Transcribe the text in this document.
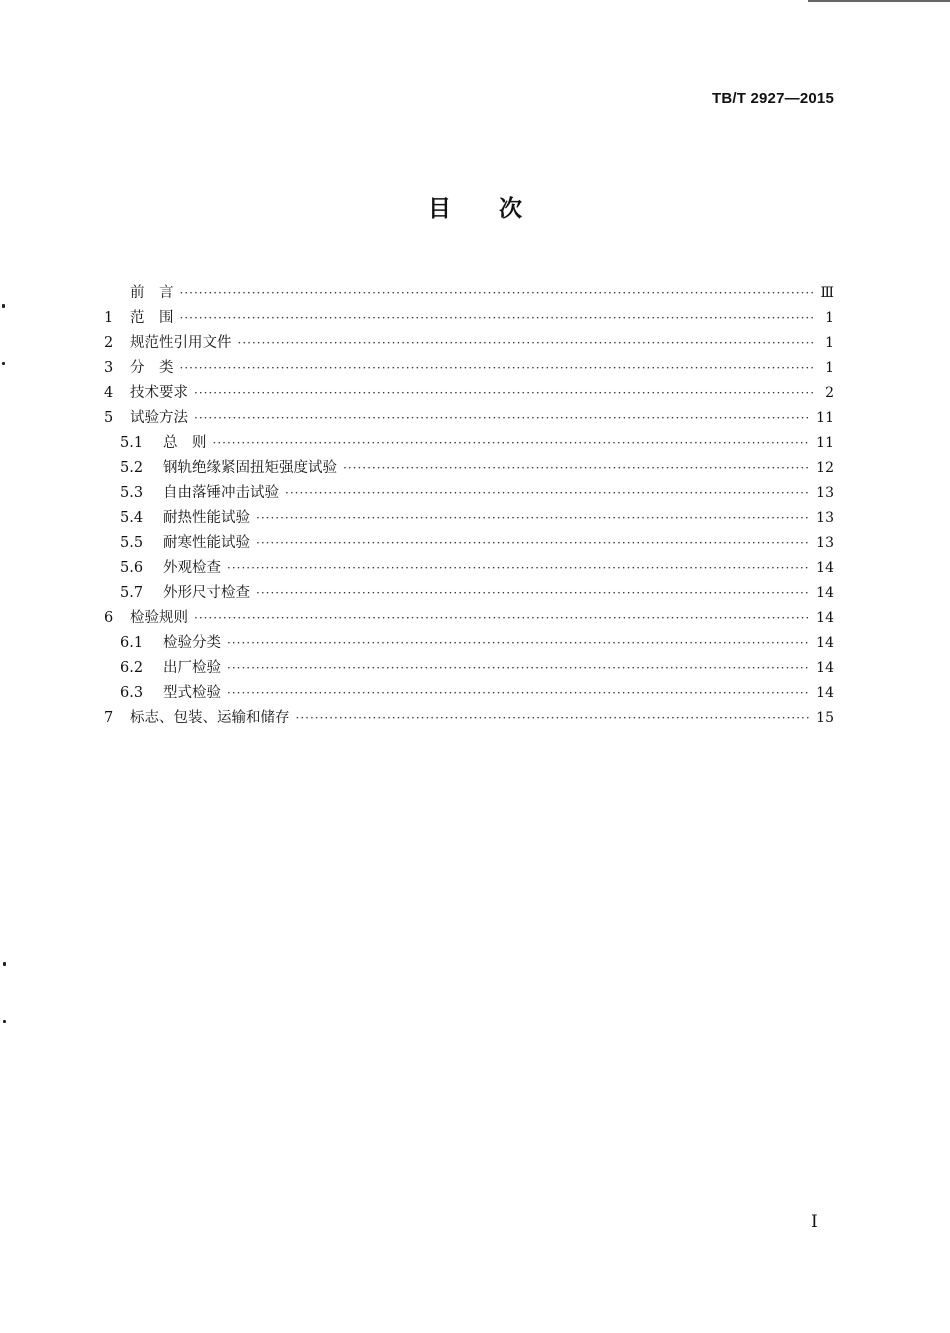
TB/T 2927—2015
目 次
前　言 ·····	Ⅲ
1	范　围 ·····	1
2	规范性引用文件 ·····	1
3	分　类 ·····	1
4	技术要求 ·····	2
5	试验方法 ·····	11
5.1	总　则 ·····	11
5.2	钢轨绝缘紧固扭矩强度试验 ·····	12
5.3	自由落锤冲击试验 ·····	13
5.4	耐热性能试验 ·····	13
5.5	耐寒性能试验 ·····	13
5.6	外观检查 ·····	14
5.7	外形尺寸检查 ·····	14
6	检验规则 ·····	14
6.1	检验分类 ·····	14
6.2	出厂检验 ·····	14
6.3	型式检验 ·····	14
7	标志、包装、运输和储存 ·····	15
I
